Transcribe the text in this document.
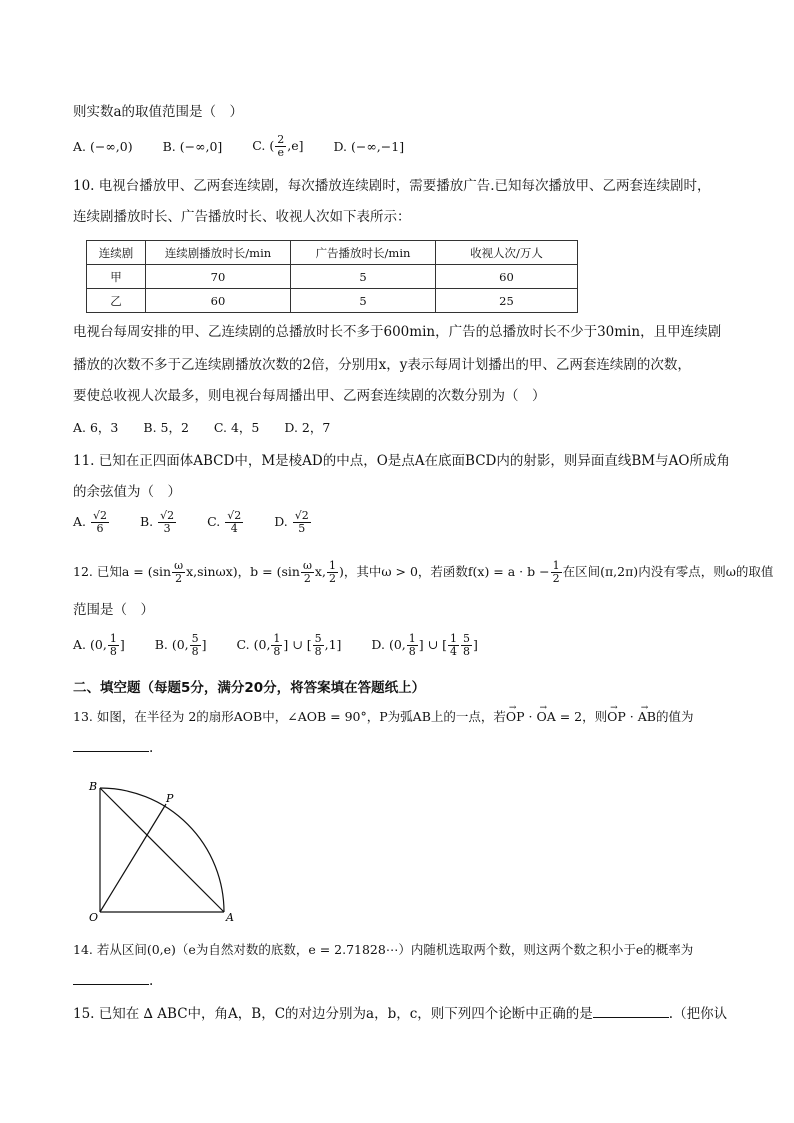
则实数a的取值范围是（　）
A. (−∞,0) B. (−∞,0] C. ( $\frac{2}{e} ,e$] D. (−∞,−1]
10. 电视台播放甲、乙两套连续剧，每次播放连续剧时，需要播放广告.已知每次播放甲、乙两套连续剧时，
连续剧播放时长、广告播放时长、收视人次如下表所示：
连续剧	连续剧播放时长/min	广告播放时长/min	收视人次/万人
甲	70	5	60
乙	60	5	25
电视台每周安排的甲、乙连续剧的总播放时长不多于600min，广告的总播放时长不少于30min，且甲连续剧
播放的次数不多于乙连续剧播放次数的2倍，分别用x，y表示每周计划播出的甲、乙两套连续剧的次数，
要使总收视人次最多，则电视台每周播出甲、乙两套连续剧的次数分别为（　）
A. 6，3　　B. 5，2　　C. 4，5　　D. 2，7
11. 已知在正四面体ABCD中，M是棱AD的中点，O是点A在底面BCD内的射影，则异面直线BM与AO所成角
的余弦值为（　）
A. $\frac{√2}{6} B$. $\frac{√2}{3} C$. $\frac{√2}{4} D$. $\frac{√2}{5}$
12. 已知$a = (\sin \frac{\omega}{2} x,\sin\omega x)$，$b = (\sin \frac{\omega}{2} x$, $\frac{1}{2}$ )，其中ω > 0，若函数$f(x) = a \cdot b - \frac{1}{2}$ 在区间(π,2π)内没有零点，则ω的取值
范围是（　）
A. (0, $\frac{1}{8}$ ] B. (0, $\frac{5}{8}$ ] C. (0, $\frac{1}{8}$ ] ∪ [ $\frac{5}{8} ,1$] D. (0, $\frac{1}{8}$ ] ∪ [ $\frac{1}{4} \frac{5}{8}$ ]
二、填空题（每题5分，满分20分，将答案填在答题纸上）
13. 如图，在半径为 2的扇形AOB中，∠AOB = 90°，P为弧AB上的一点，若→ OP · → OA = 2，则→ OP · → AB的值为
.
B
P
O	A
14. 若从区间(0,e)（e为自然对数的底数，e = 2.71828⋯）内随机选取两个数，则这两个数之积小于e的概率为
.
15. 已知在 ∆ ABC中，角A，B，C的对边分别为a，b，c，则下列四个论断中正确的是	.（把你认
